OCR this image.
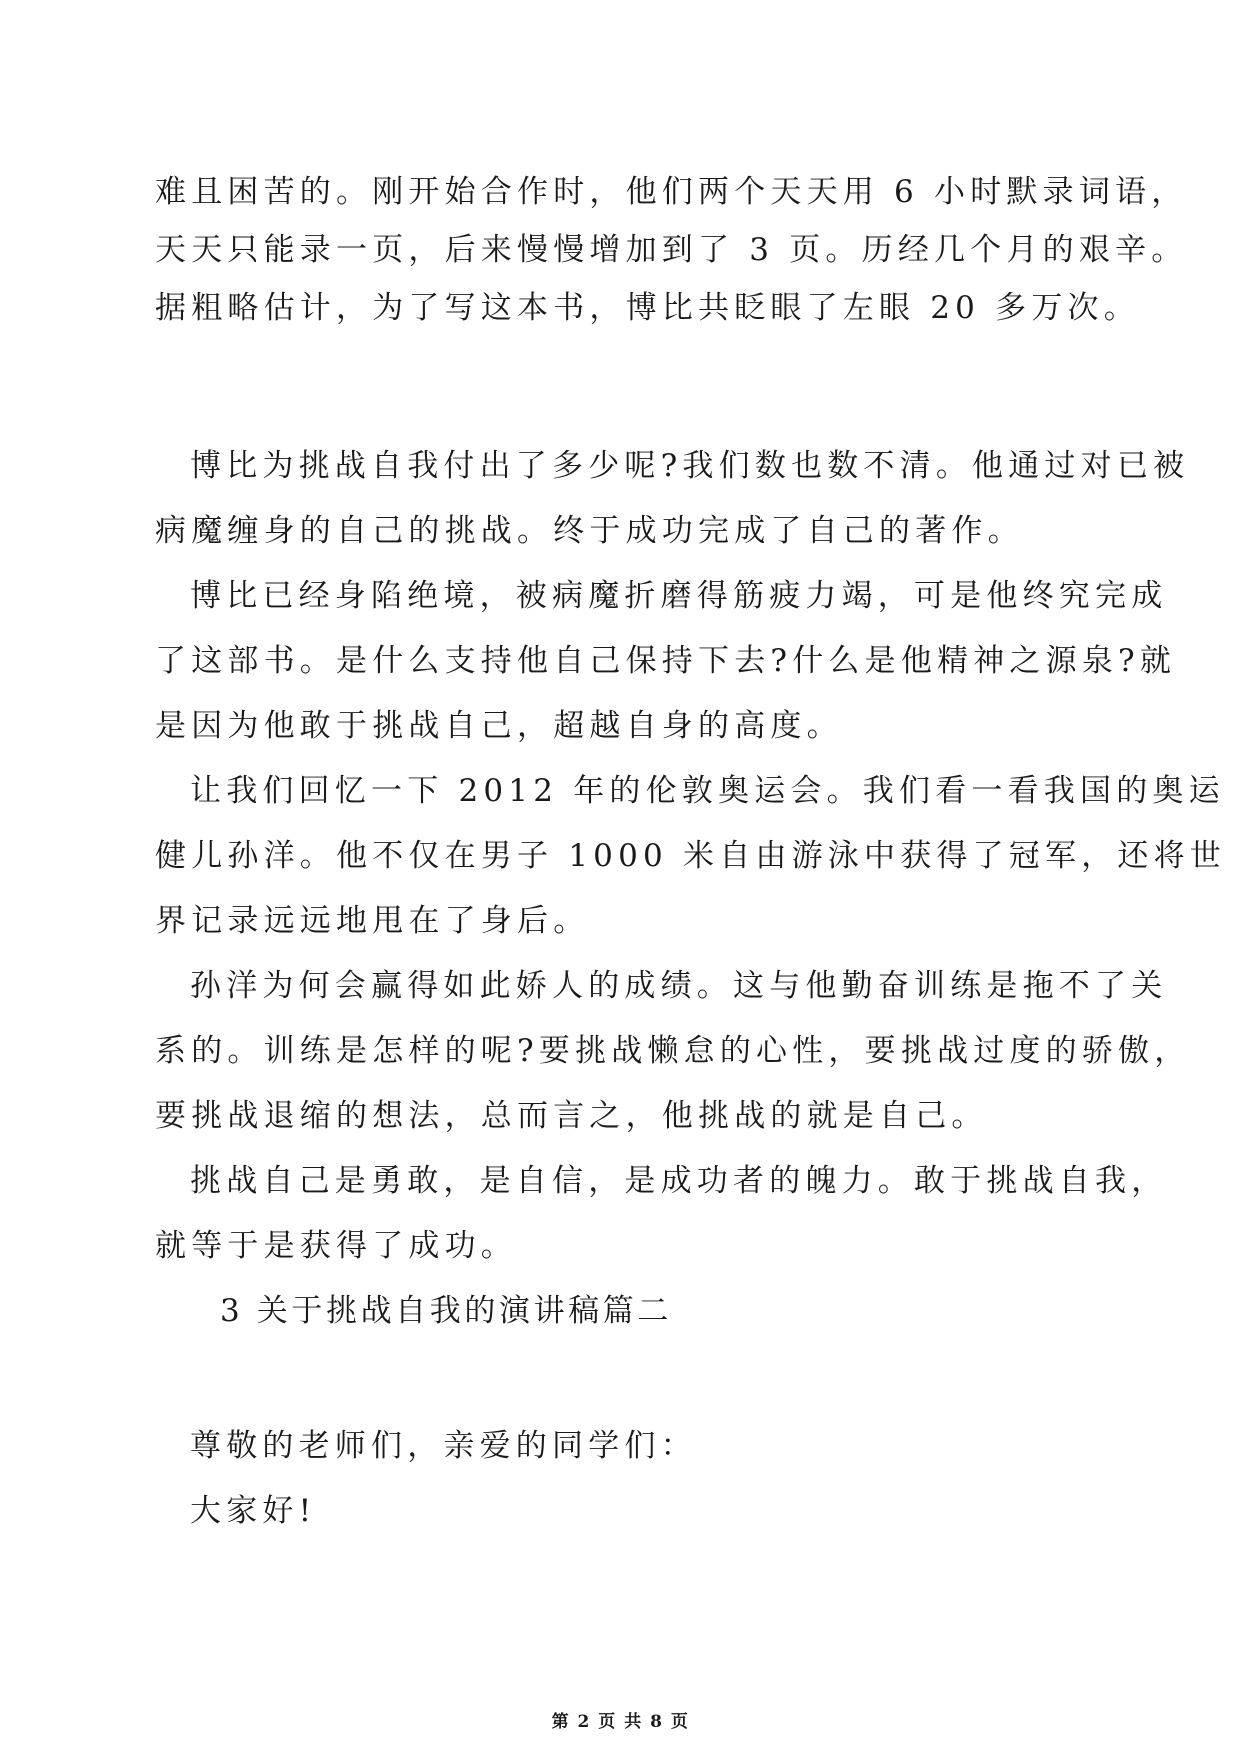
难且困苦的。刚开始合作时，他们两个天天用 6 小时默录词语，
天天只能录一页，后来慢慢增加到了 3 页。历经几个月的艰辛。
据粗略估计，为了写这本书，博比共眨眼了左眼 20 多万次。
博比为挑战自我付出了多少呢?我们数也数不清。他通过对已被
病魔缠身的自己的挑战。终于成功完成了自己的著作。
博比已经身陷绝境，被病魔折磨得筋疲力竭，可是他终究完成
了这部书。是什么支持他自己保持下去?什么是他精神之源泉?就
是因为他敢于挑战自己，超越自身的高度。
让我们回忆一下 2012 年的伦敦奥运会。我们看一看我国的奥运
健儿孙洋。他不仅在男子 1000 米自由游泳中获得了冠军，还将世
界记录远远地甩在了身后。
孙洋为何会赢得如此娇人的成绩。这与他勤奋训练是拖不了关
系的。训练是怎样的呢?要挑战懒怠的心性，要挑战过度的骄傲，
要挑战退缩的想法，总而言之，他挑战的就是自己。
挑战自己是勇敢，是自信，是成功者的魄力。敢于挑战自我，
就等于是获得了成功。
3 关于挑战自我的演讲稿篇二
尊敬的老师们，亲爱的同学们：
大家好!
第 2 页 共 8 页
